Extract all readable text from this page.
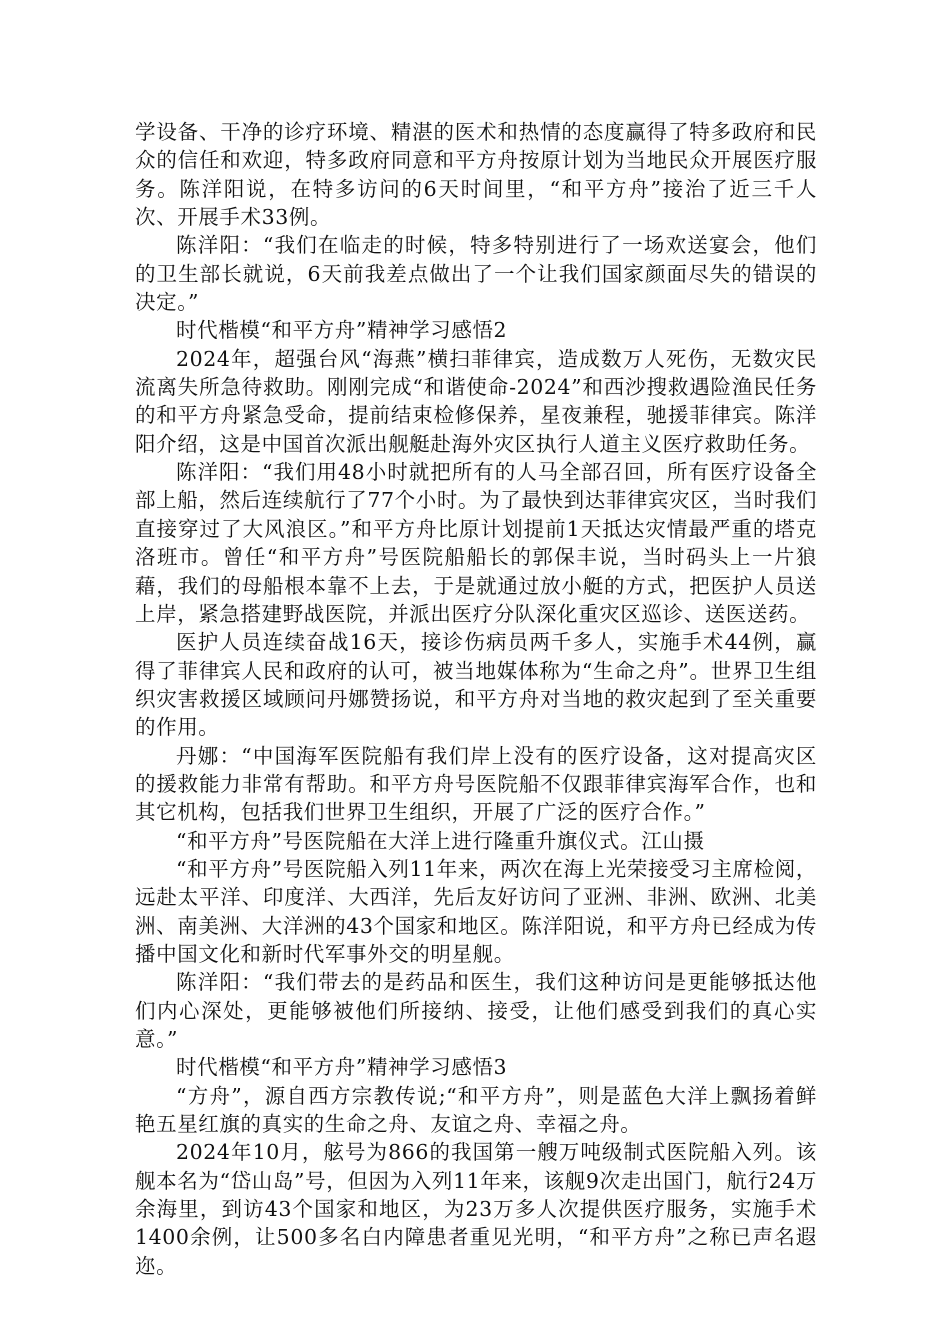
学设备、干净的诊疗环境、精湛的医术和热情的态度赢得了特多政府和民众的信任和欢迎，特多政府同意和平方舟按原计划为当地民众开展医疗服务。陈洋阳说，在特多访问的6天时间里，“和平方舟”接治了近三千人次、开展手术33例。

陈洋阳：“我们在临走的时候，特多特别进行了一场欢送宴会，他们的卫生部长就说，6天前我差点做出了一个让我们国家颜面尽失的错误的决定。”

时代楷模“和平方舟”精神学习感悟2

2024年，超强台风“海燕”横扫菲律宾，造成数万人死伤，无数灾民流离失所急待救助。刚刚完成“和谐使命-2024”和西沙搜救遇险渔民任务的和平方舟紧急受命，提前结束检修保养，星夜兼程，驰援菲律宾。陈洋阳介绍，这是中国首次派出舰艇赴海外灾区执行人道主义医疗救助任务。

陈洋阳：“我们用48小时就把所有的人马全部召回，所有医疗设备全部上船，然后连续航行了77个小时。为了最快到达菲律宾灾区，当时我们直接穿过了大风浪区。”和平方舟比原计划提前1天抵达灾情最严重的塔克洛班市。曾任“和平方舟”号医院船船长的郭保丰说，当时码头上一片狼藉，我们的母船根本靠不上去，于是就通过放小艇的方式，把医护人员送上岸，紧急搭建野战医院，并派出医疗分队深化重灾区巡诊、送医送药。

医护人员连续奋战16天，接诊伤病员两千多人，实施手术44例，赢得了菲律宾人民和政府的认可，被当地媒体称为“生命之舟”。世界卫生组织灾害救援区域顾问丹娜赞扬说，和平方舟对当地的救灾起到了至关重要的作用。

丹娜：“中国海军医院船有我们岸上没有的医疗设备，这对提高灾区的援救能力非常有帮助。和平方舟号医院船不仅跟菲律宾海军合作，也和其它机构，包括我们世界卫生组织，开展了广泛的医疗合作。”

“和平方舟”号医院船在大洋上进行隆重升旗仪式。江山摄

“和平方舟”号医院船入列11年来，两次在海上光荣接受习主席检阅，远赴太平洋、印度洋、大西洋，先后友好访问了亚洲、非洲、欧洲、北美洲、南美洲、大洋洲的43个国家和地区。陈洋阳说，和平方舟已经成为传播中国文化和新时代军事外交的明星舰。

陈洋阳：“我们带去的是药品和医生，我们这种访问是更能够抵达他们内心深处，更能够被他们所接纳、接受，让他们感受到我们的真心实意。”

时代楷模“和平方舟”精神学习感悟3

“方舟”，源自西方宗教传说;“和平方舟”，则是蓝色大洋上飘扬着鲜艳五星红旗的真实的生命之舟、友谊之舟、幸福之舟。

2024年10月，舷号为866的我国第一艘万吨级制式医院船入列。该舰本名为“岱山岛”号，但因为入列11年来，该舰9次走出国门，航行24万余海里，到访43个国家和地区，为23万多人次提供医疗服务，实施手术1400余例，让500多名白内障患者重见光明，“和平方舟”之称已声名遐迩。
